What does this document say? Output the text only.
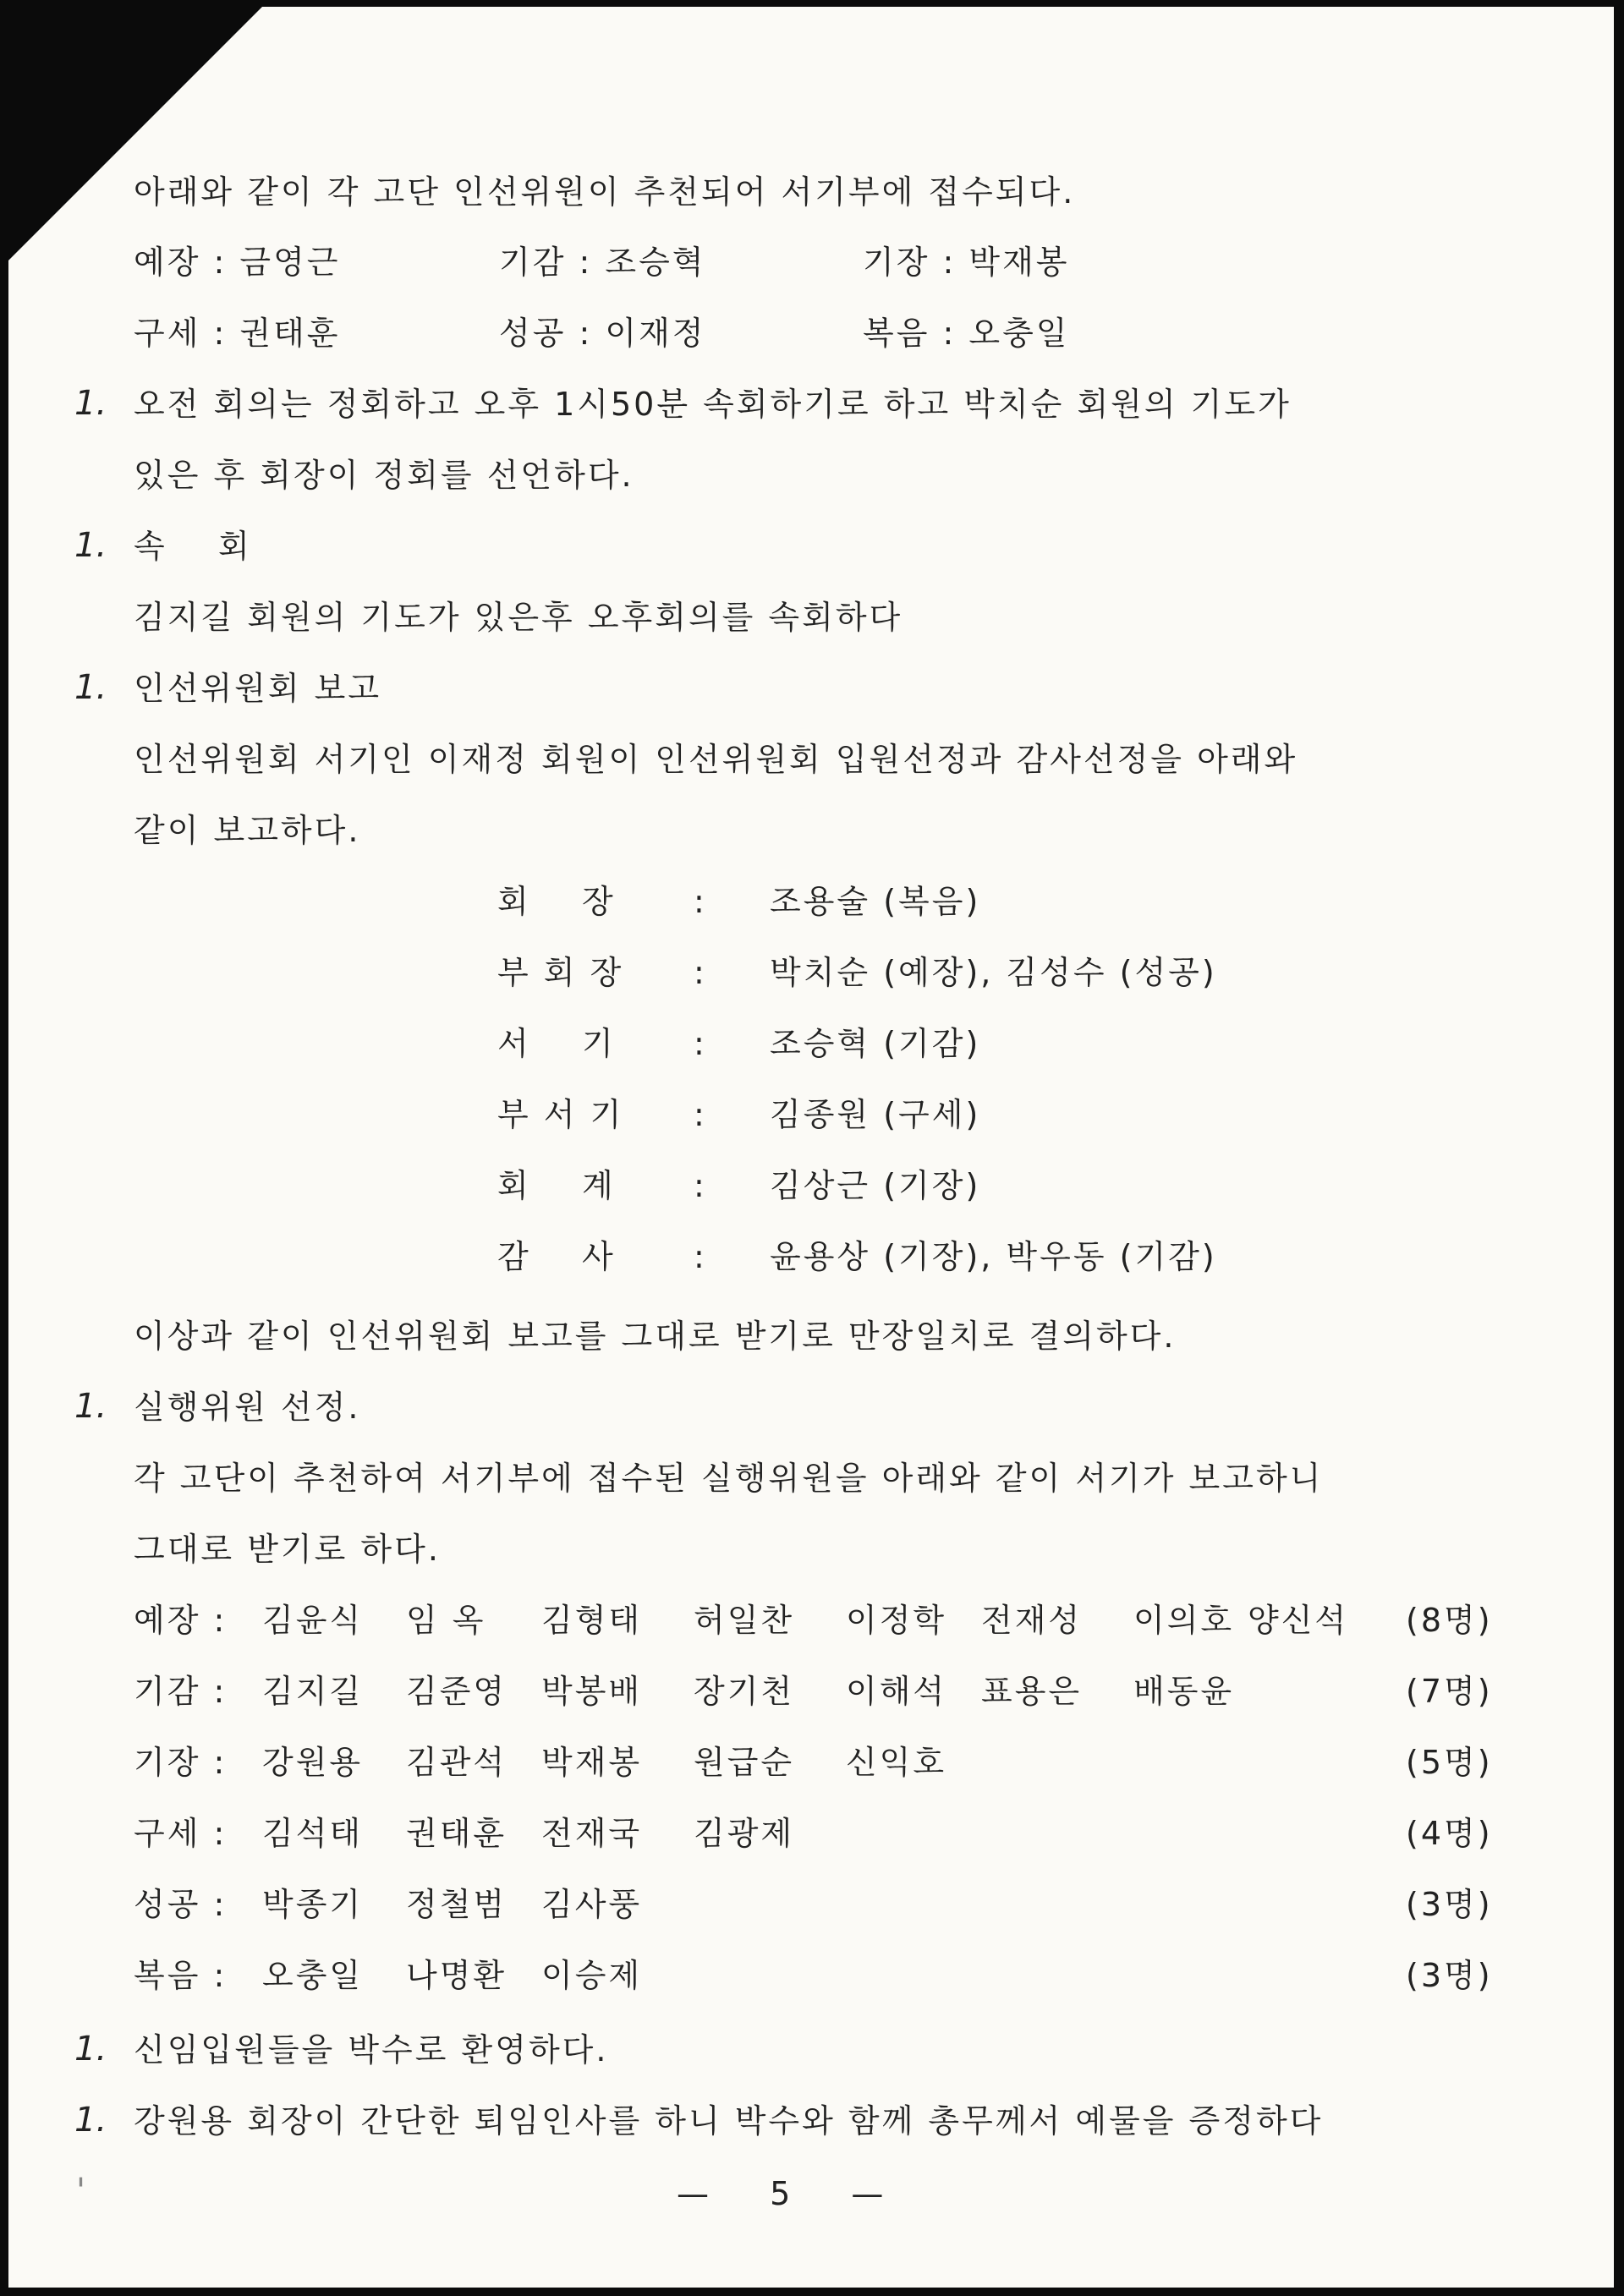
아래와 같이 각 고단 인선위원이 추천되어 서기부에 접수되다.
예장 : 금영근	기감 : 조승혁	기장 : 박재봉
구세 : 권태훈	성공 : 이재정	복음 : 오충일
1. 오전 회의는 정회하고 오후 1시50분 속회하기로 하고 박치순 회원의 기도가
있은 후 회장이 정회를 선언하다.
1. 속    회
김지길 회원의 기도가 있은후 오후회의를 속회하다
1. 인선위원회 보고
인선위원회 서기인 이재정 회원이 인선위원회 입원선정과 감사선정을 아래와
같이 보고하다.
회    장 : 조용술 (복음)
부 회 장 : 박치순 (예장), 김성수 (성공)
서    기 : 조승혁 (기감)
부 서 기 : 김종원 (구세)
회    계 : 김상근 (기장)
감    사 : 윤용상 (기장), 박우동 (기감)
이상과 같이 인선위원회 보고를 그대로 받기로 만장일치로 결의하다.
1. 실행위원 선정.
각 고단이 추천하여 서기부에 접수된 실행위원을 아래와 같이 서기가 보고하니
그대로 받기로 하다.
예장 : 김윤식 임 옥 김형태 허일찬 이정학 전재성 이의호 양신석 (8명)
기감 : 김지길 김준영 박봉배 장기천 이해석 표용은 배동윤	(7명)
기장 : 강원용 김관석 박재봉 원급순 신익호	(5명)
구세 : 김석태 권태훈 전재국 김광제	(4명)
성공 : 박종기 정철범 김사풍	(3명)
복음 : 오충일 나명환 이승제	(3명)
1. 신임입원들을 박수로 환영하다.
1. 강원용 회장이 간단한 퇴임인사를 하니 박수와 함께 총무께서 예물을 증정하다
'	— 5 —
